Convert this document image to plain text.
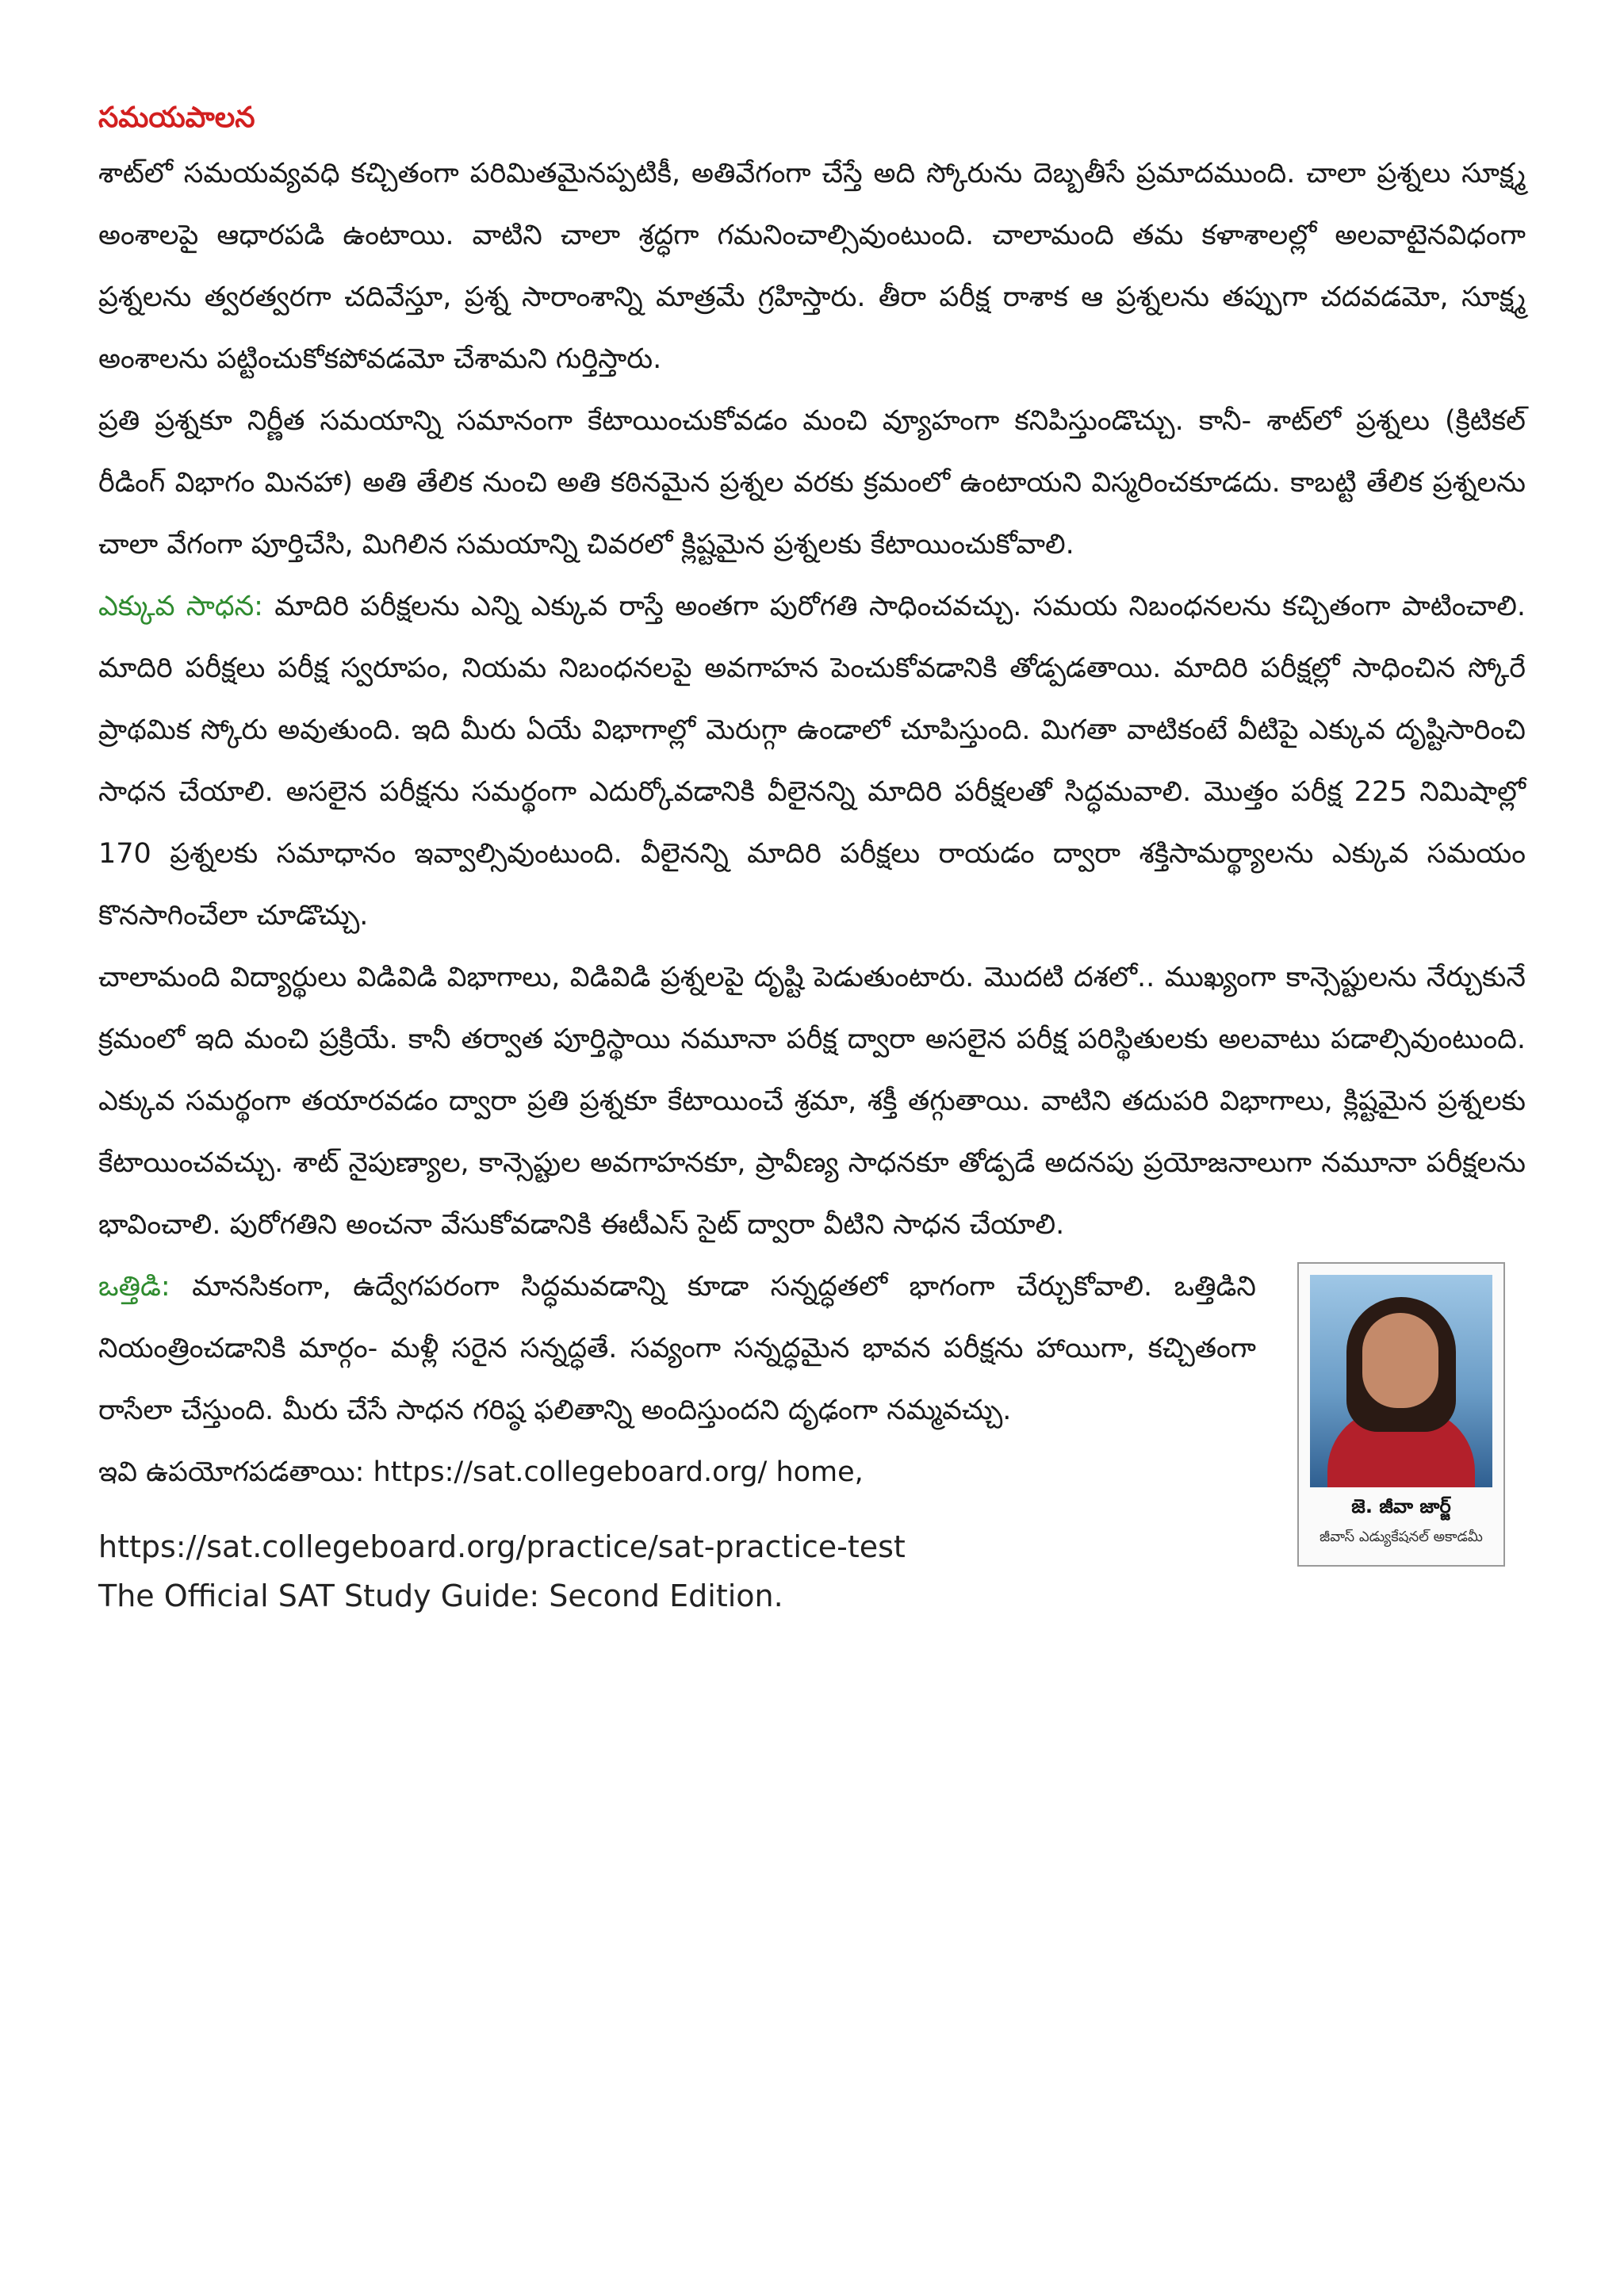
సమయపాలన

శాట్‌లో సమయవ్యవధి కచ్చితంగా పరిమితమైనప్పటికీ, అతివేగంగా చేస్తే అది స్కోరును దెబ్బతీసే ప్రమాదముంది. చాలా ప్రశ్నలు సూక్ష్మ అంశాలపై ఆధారపడి ఉంటాయి. వాటిని చాలా శ్రద్ధగా గమనించాల్సివుంటుంది. చాలామంది తమ కళాశాలల్లో అలవాటైనవిధంగా ప్రశ్నలను త్వరత్వరగా చదివేస్తూ, ప్రశ్న సారాంశాన్ని మాత్రమే గ్రహిస్తారు. తీరా పరీక్ష రాశాక ఆ ప్రశ్నలను తప్పుగా చదవడమో, సూక్ష్మ అంశాలను పట్టించుకోకపోవడమో చేశామని గుర్తిస్తారు.

ప్రతి ప్రశ్నకూ నిర్ణీత సమయాన్ని సమానంగా కేటాయించుకోవడం మంచి వ్యూహంగా కనిపిస్తుండొచ్చు. కానీ- శాట్‌లో ప్రశ్నలు (క్రిటికల్ రీడింగ్ విభాగం మినహా) అతి తేలిక నుంచి అతి కఠినమైన ప్రశ్నల వరకు క్రమంలో ఉంటాయని విస్మరించకూడదు. కాబట్టి తేలిక ప్రశ్నలను చాలా వేగంగా పూర్తిచేసి, మిగిలిన సమయాన్ని చివరలో క్లిష్టమైన ప్రశ్నలకు కేటాయించుకోవాలి.

ఎక్కువ సాధన: మాదిరి పరీక్షలను ఎన్ని ఎక్కువ రాస్తే అంతగా పురోగతి సాధించవచ్చు. సమయ నిబంధనలను కచ్చితంగా పాటించాలి. మాదిరి పరీక్షలు పరీక్ష స్వరూపం, నియమ నిబంధనలపై అవగాహన పెంచుకోవడానికి తోడ్పడతాయి. మాదిరి పరీక్షల్లో సాధించిన స్కోరే ప్రాథమిక స్కోరు అవుతుంది. ఇది మీరు ఏయే విభాగాల్లో మెరుగ్గా ఉండాలో చూపిస్తుంది. మిగతా వాటికంటే వీటిపై ఎక్కువ దృష్టిసారించి సాధన చేయాలి. అసలైన పరీక్షను సమర్థంగా ఎదుర్కోవడానికి వీలైనన్ని మాదిరి పరీక్షలతో సిద్ధమవాలి. మొత్తం పరీక్ష 225 నిమిషాల్లో 170 ప్రశ్నలకు సమాధానం ఇవ్వాల్సివుంటుంది. వీలైనన్ని మాదిరి పరీక్షలు రాయడం ద్వారా శక్తిసామర్థ్యాలను ఎక్కువ సమయం కొనసాగించేలా చూడొచ్చు.

చాలామంది విద్యార్థులు విడివిడి విభాగాలు, విడివిడి ప్రశ్నలపై దృష్టి పెడుతుంటారు. మొదటి దశలో.. ముఖ్యంగా కాన్సెప్టులను నేర్చుకునే క్రమంలో ఇది మంచి ప్రక్రియే. కానీ తర్వాత పూర్తిస్థాయి నమూనా పరీక్ష ద్వారా అసలైన పరీక్ష పరిస్థితులకు అలవాటు పడాల్సివుంటుంది. ఎక్కువ సమర్థంగా తయారవడం ద్వారా ప్రతి ప్రశ్నకూ కేటాయించే శ్రమా, శక్తీ తగ్గుతాయి. వాటిని తదుపరి విభాగాలు, క్లిష్టమైన ప్రశ్నలకు కేటాయించవచ్చు. శాట్ నైపుణ్యాల, కాన్సెప్టుల అవగాహనకూ, ప్రావీణ్య సాధనకూ తోడ్పడే అదనపు ప్రయోజనాలుగా నమూనా పరీక్షలను భావించాలి. పురోగతిని అంచనా వేసుకోవడానికి ఈటీఎస్ సైట్ ద్వారా వీటిని సాధన చేయాలి.

ఒత్తిడి: మానసికంగా, ఉద్వేగపరంగా సిద్ధమవడాన్ని కూడా సన్నద్ధతలో భాగంగా చేర్చుకోవాలి. ఒత్తిడిని నియంత్రించడానికి మార్గం- మళ్లీ సరైన సన్నద్ధతే. సవ్యంగా సన్నద్ధమైన భావన పరీక్షను హాయిగా, కచ్చితంగా రాసేలా చేస్తుంది. మీరు చేసే సాధన గరిష్ఠ ఫలితాన్ని అందిస్తుందని దృఢంగా నమ్మవచ్చు.

ఇవి ఉపయోగపడతాయి: https://sat.collegeboard.org/ home,

జె. జీవా జార్జ్
జీవాస్ ఎడ్యుకేషనల్ అకాడమీ

https://sat.collegeboard.org/practice/sat-practice-test

The Official SAT Study Guide: Second Edition.
